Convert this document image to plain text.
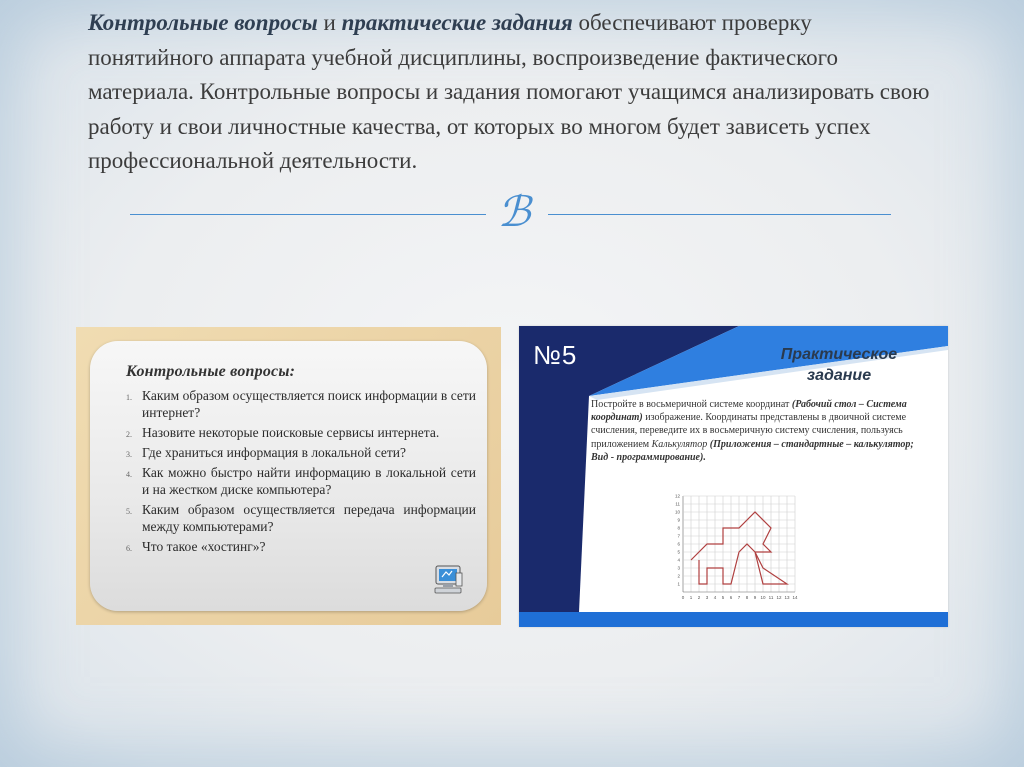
Контрольные вопросы и практические задания обеспечивают проверку понятийного аппарата учебной дисциплины, воспроизведение фактического материала. Контрольные вопросы и задания помогают учащимся анализировать свою работу и свои личностные качества, от которых во многом будет зависеть успех профессиональной деятельности.

ℬ
Контрольные вопросы:
1. Каким образом осуществляется поиск информации в сети интернет?
2. Назовите некоторые поисковые сервисы интернета.
3. Где храниться информация в локальной сети?
4. Как можно быстро найти информацию в локальной сети и на жестком диске компьютера?
5. Каким образом осуществляется передача информации между компьютерами?
6. Что такое «хостинг»?
№5	Практическое задание
Постройте в восьмеричной системе координат (Рабочий стол – Система координат) изображение. Координаты представлены в двоичной системе счисления, переведите их в восьмеричную систему счисления, пользуясь приложением Калькулятор (Приложения – стандартные – калькулятор; Вид - программирование).
0 1 2 3 4 5 6 7 8 9 10 11 12 13 14
1
2
3
4
5
6
7
8
9
10
11
12
